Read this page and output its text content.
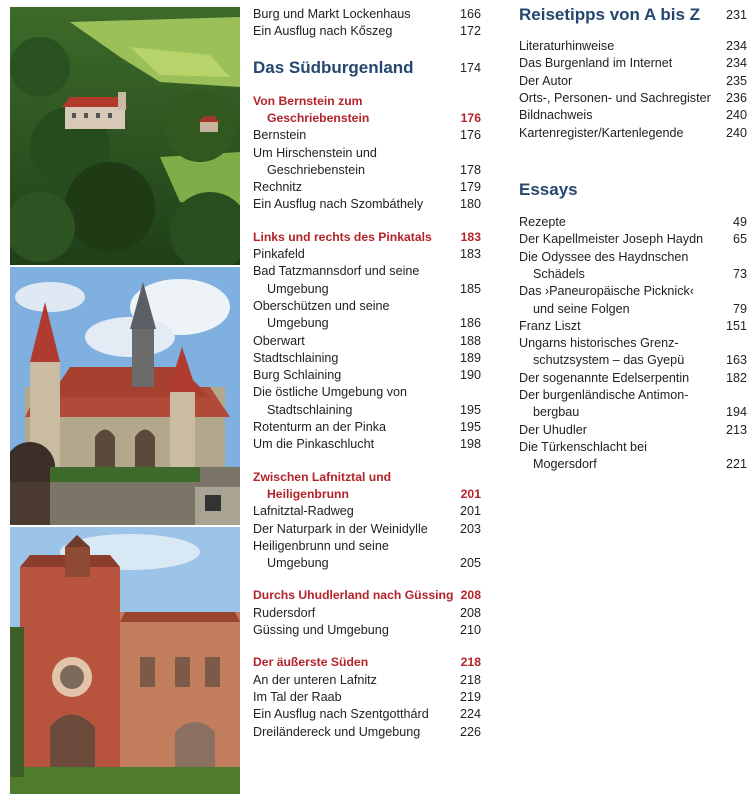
Burg und Markt Lockenhaus	166
Ein Ausflug nach Kőszeg	172
Das Südburgenland	174
Von Bernstein zum
Geschriebenstein	176
Bernstein	176
Um Hirschenstein und
Geschriebenstein	178
Rechnitz	179
Ein Ausflug nach Szombáthely	180
Links und rechts des Pinkatals 183
Pinkafeld	183
Bad Tatzmannsdorf und seine
Umgebung	185
Oberschützen und seine
Umgebung	186
Oberwart	188
Stadtschlaining	189
Burg Schlaining	190
Die östliche Umgebung von
Stadtschlaining	195
Rotenturm an der Pinka	195
Um die Pinkaschlucht	198
Zwischen Lafnitztal und
Heiligenbrunn	201
Lafnitztal-Radweg	201
Der Naturpark in der Weinidylle	203
Heiligenbrunn und seine
Umgebung	205
Durchs Uhudlerland nach Güssing 208
Rudersdorf	208
Güssing und Umgebung	210
Der äußerste Süden	218
An der unteren Lafnitz	218
Im Tal der Raab	219
Ein Ausflug nach Szentgotthárd 224
Dreiländereck und Umgebung	226
Reisetipps von A bis Z 231
Literaturhinweise	234
Das Burgenland im Internet	234
Der Autor	235
Orts-, Personen- und Sachregister 236
Bildnachweis	240
Kartenregister/Kartenlegende	240
Essays
Rezepte	49
Der Kapellmeister Joseph Haydn 65
Die Odyssee des Haydnschen
Schädels	73
Das ›Paneuropäische Picknick‹
und seine Folgen	79
Franz Liszt	151
Ungarns historisches Grenz-
schutzsystem – das Gyepü	163
Der sogenannte Edelserpentin	182
Der burgenländische Antimon-
bergbau	194
Der Uhudler	213
Die Türkenschlacht bei
Mogersdorf	221
